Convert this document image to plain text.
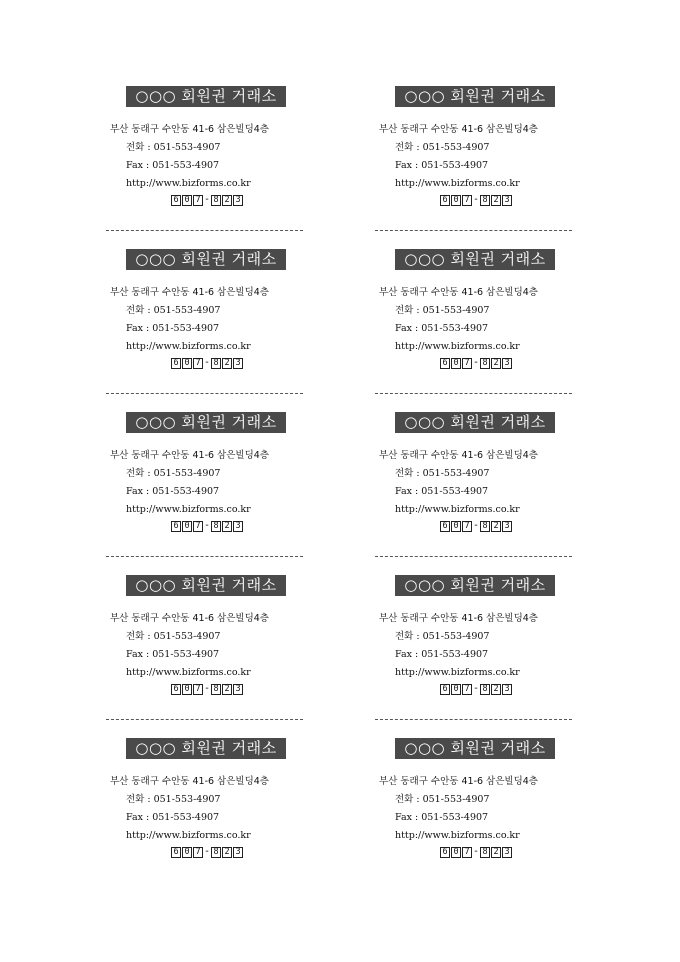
○○○ 회원권 거래소
부산 동래구 수안동 41-6 삼은빌딩4층
전화 : 051-553-4907
Fax : 051-553-4907
http://www.bizforms.co.kr
6 0 7 - 8 2 3
○○○ 회원권 거래소
부산 동래구 수안동 41-6 삼은빌딩4층
전화 : 051-553-4907
Fax : 051-553-4907
http://www.bizforms.co.kr
6 0 7 - 8 2 3
○○○ 회원권 거래소
부산 동래구 수안동 41-6 삼은빌딩4층
전화 : 051-553-4907
Fax : 051-553-4907
http://www.bizforms.co.kr
6 0 7 - 8 2 3
○○○ 회원권 거래소
부산 동래구 수안동 41-6 삼은빌딩4층
전화 : 051-553-4907
Fax : 051-553-4907
http://www.bizforms.co.kr
6 0 7 - 8 2 3
○○○ 회원권 거래소
부산 동래구 수안동 41-6 삼은빌딩4층
전화 : 051-553-4907
Fax : 051-553-4907
http://www.bizforms.co.kr
6 0 7 - 8 2 3
○○○ 회원권 거래소
부산 동래구 수안동 41-6 삼은빌딩4층
전화 : 051-553-4907
Fax : 051-553-4907
http://www.bizforms.co.kr
6 0 7 - 8 2 3
○○○ 회원권 거래소
부산 동래구 수안동 41-6 삼은빌딩4층
전화 : 051-553-4907
Fax : 051-553-4907
http://www.bizforms.co.kr
6 0 7 - 8 2 3
○○○ 회원권 거래소
부산 동래구 수안동 41-6 삼은빌딩4층
전화 : 051-553-4907
Fax : 051-553-4907
http://www.bizforms.co.kr
6 0 7 - 8 2 3
○○○ 회원권 거래소
부산 동래구 수안동 41-6 삼은빌딩4층
전화 : 051-553-4907
Fax : 051-553-4907
http://www.bizforms.co.kr
6 0 7 - 8 2 3
○○○ 회원권 거래소
부산 동래구 수안동 41-6 삼은빌딩4층
전화 : 051-553-4907
Fax : 051-553-4907
http://www.bizforms.co.kr
6 0 7 - 8 2 3
